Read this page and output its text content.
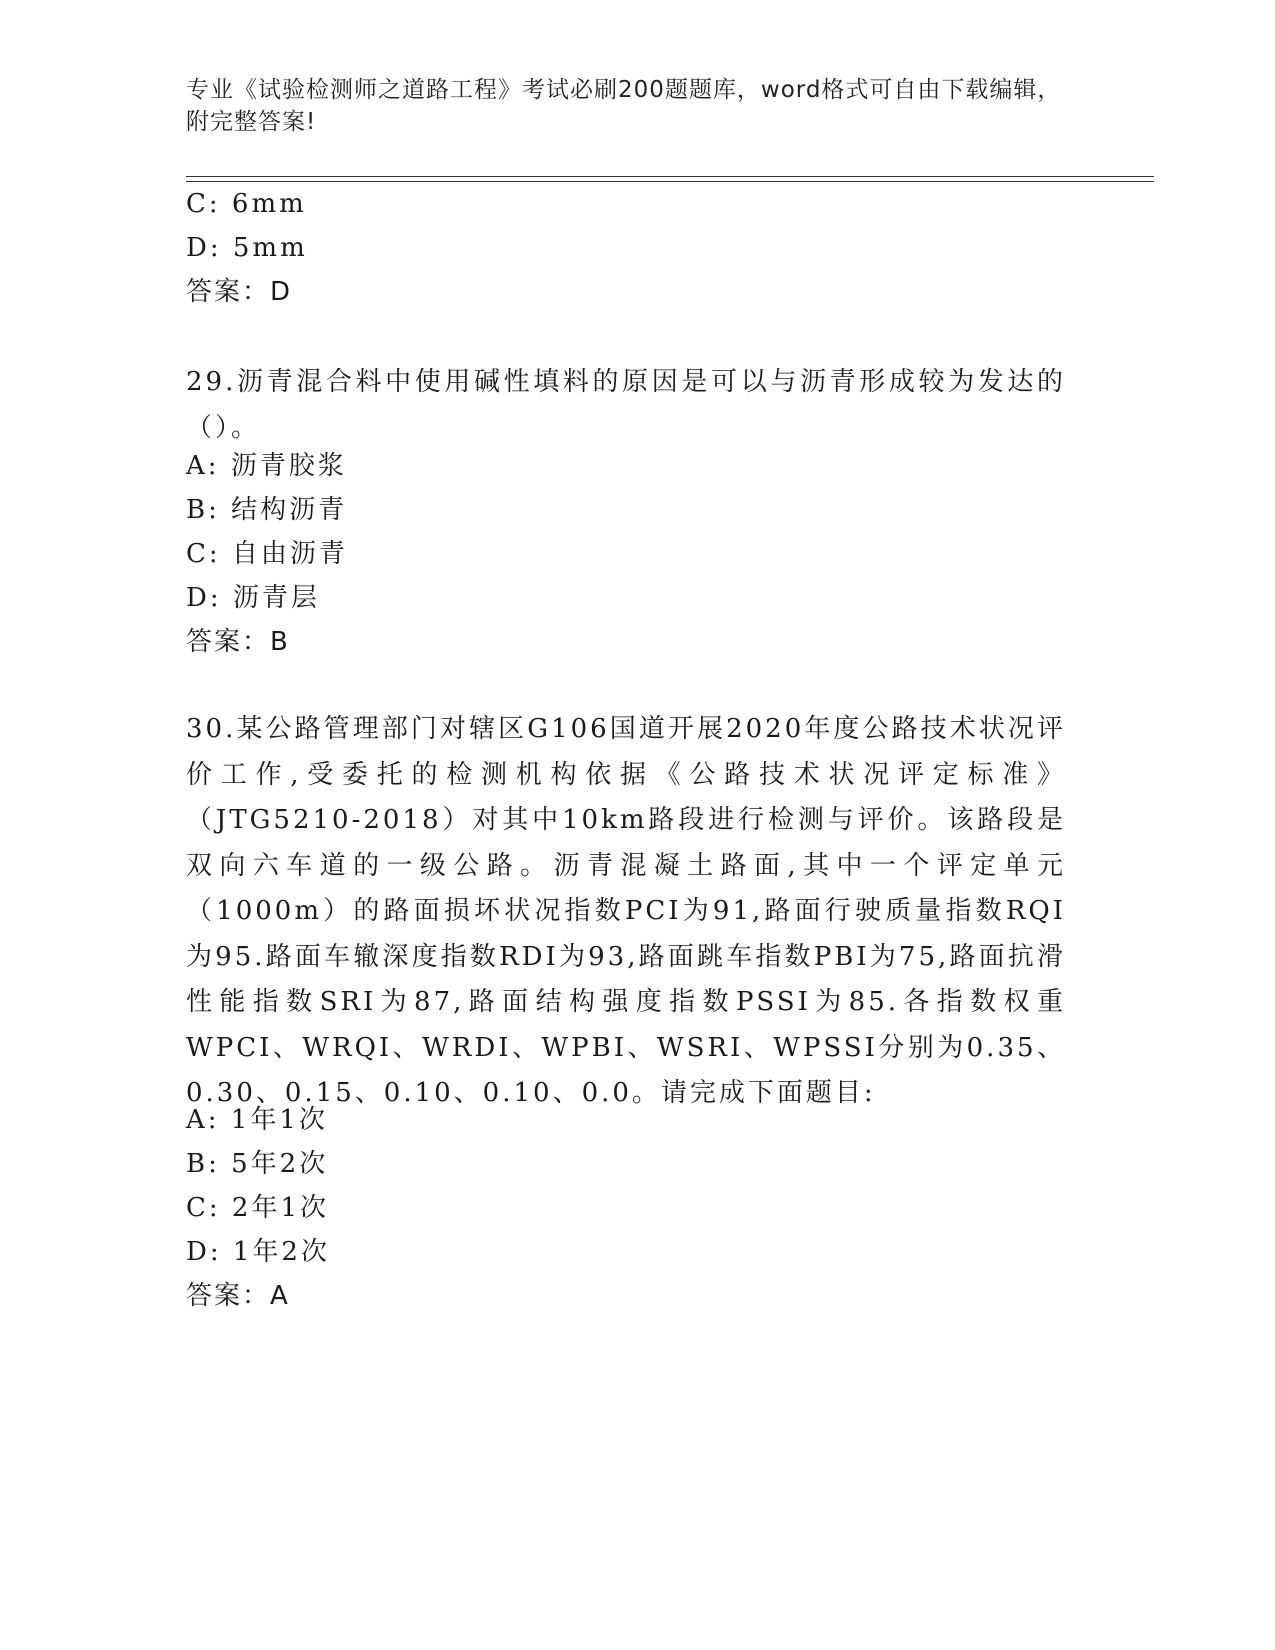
专业《试验检测师之道路工程》考试必刷200题题库，word格式可自由下载编辑，附完整答案!
C: 6mm
D: 5mm
答案：D
29.沥青混合料中使用碱性填料的原因是可以与沥青形成较为发达的（）。
A: 沥青胶浆
B: 结构沥青
C: 自由沥青
D: 沥青层
答案：B
30.某公路管理部门对辖区G106国道开展2020年度公路技术状况评价工作,受委托的检测机构依据《公路技术状况评定标准》（JTG5210-2018）对其中10km路段进行检测与评价。该路段是双向六车道的一级公路。沥青混凝土路面,其中一个评定单元（1000m）的路面损坏状况指数PCI为91,路面行驶质量指数RQI为95.路面车辙深度指数RDI为93,路面跳车指数PBI为75,路面抗滑性能指数SRI为87,路面结构强度指数PSSI为85.各指数权重WPCI、WRQI、WRDI、WPBI、WSRI、WPSSI分别为0.35、0.30、0.15、0.10、0.10、0.0。请完成下面题目:
A: 1年1次
B: 5年2次
C: 2年1次
D: 1年2次
答案：A
